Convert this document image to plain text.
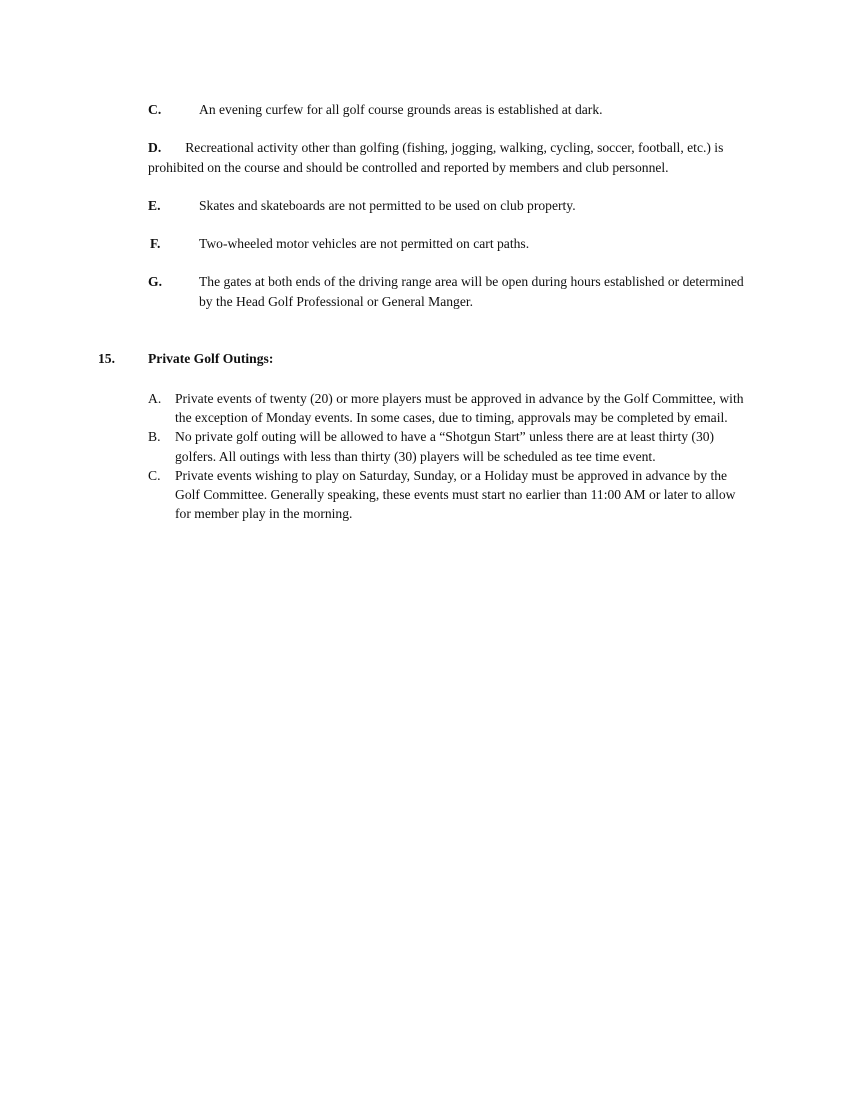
C.	An evening curfew for all golf course grounds areas is established at dark.
D. Recreational activity other than golfing (fishing, jogging, walking, cycling, soccer, football, etc.) is prohibited on the course and should be controlled and reported by members and club personnel.
E.	Skates and skateboards are not permitted to be used on club property.
F.	Two-wheeled motor vehicles are not permitted on cart paths.
G.	The gates at both ends of the driving range area will be open during hours established or determined by the Head Golf Professional or General Manger.
15. Private Golf Outings:

A. Private events of twenty (20) or more players must be approved in advance by the Golf Committee, with the exception of Monday events. In some cases, due to timing, approvals may be completed by email.

B. No private golf outing will be allowed to have a “Shotgun Start” unless there are at least thirty (30) golfers. All outings with less than thirty (30) players will be scheduled as tee time event.

C. Private events wishing to play on Saturday, Sunday, or a Holiday must be approved in advance by the Golf Committee. Generally speaking, these events must start no earlier than 11:00 AM or later to allow for member play in the morning.
